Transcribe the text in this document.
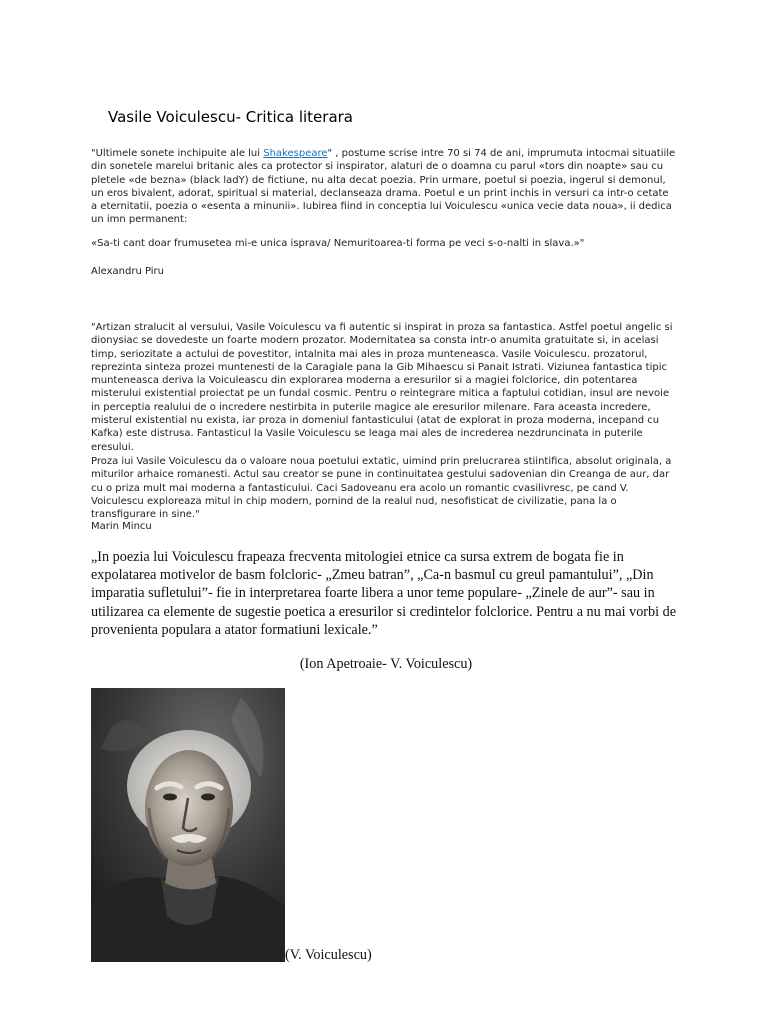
Vasile Voiculescu- Critica literara

"Ultimele sonete inchipuite ale lui Shakespeare" , postume scrise intre 70 si 74 de ani, imprumuta intocmai situatiile din sonetele marelui britanic ales ca protector si inspirator, alaturi de o doamna cu parul «tors din noapte» sau cu pletele «de bezna» (black ladY) de fictiune, nu alta decat poezia. Prin urmare, poetul si poezia, ingerul si demonul, un eros bivalent, adorat, spiritual si material, declanseaza drama. Poetul e un print inchis in versuri ca intr-o cetate a eternitatii, poezia o «esenta a minunii». Iubirea fiind in conceptia lui Voiculescu «unica vecie data noua», ii dedica un imn permanent:

«Sa-ti cant doar frumusetea mi-e unica isprava/ Nemuritoarea-ti forma pe veci s-o-nalti in slava.»"

Alexandru Piru

"Artizan stralucit al versului, Vasile Voiculescu va fi autentic si inspirat in proza sa fantastica. Astfel poetul angelic si dionysiac se dovedeste un foarte modern prozator. Modernitatea sa consta intr-o anumita gratuitate si, in acelasi timp, seriozitate a actului de povestitor, intalnita mai ales in proza munteneasca. Vasile Voiculescu. prozatorul, reprezinta sinteza prozei muntenesti de la Caragiale pana la Gib Mihaescu si Panait Istrati. Viziunea fantastica tipic munteneasca deriva la Voiculeascu din explorarea moderna a eresurilor si a magiei folclorice, din potentarea misterului existential proiectat pe un fundal cosmic. Pentru o reintegrare mitica a faptului cotidian, insul are nevoie in perceptia realului de o incredere nestirbita in puterile magice ale eresurilor milenare. Fara aceasta incredere, misterul existential nu exista, iar proza in domeniul fantasticului (atat de explorat in proza moderna, incepand cu Kafka) este distrusa. Fantasticul la Vasile Voiculescu se leaga mai ales de increderea nezdruncinata in puterile eresului.

Proza iui Vasile Voiculescu da o valoare noua poetului extatic, uimind prin prelucrarea stiintifica, absolut originala, a miturilor arhaice romanesti. Actul sau creator se pune in continuitatea gestului sadovenian din Creanga de aur, dar cu o priza mult mai moderna a fantasticului. Caci Sadoveanu era acolo un romantic cvasilivresc, pe cand V. Voiculescu exploreaza mitul in chip modern, pornind de la realul nud, nesofisticat de civilizatie, pana la o transfigurare in sine."

Marin Mincu

„In poezia lui Voiculescu frapeaza frecventa mitologiei etnice ca sursa extrem de bogata fie in expolatarea motivelor de basm folcloric- „Zmeu batran”, „Ca-n basmul cu greul pamantului”, „Din imparatia sufletului”- fie in interpretarea foarte libera a unor teme populare- „Zinele de aur”- sau in utilizarea ca elemente de sugestie poetica a eresurilor si credintelor folclorice. Pentru a nu mai vorbi de provenienta populara a atator formatiuni lexicale.”

(Ion Apetroaie- V. Voiculescu)

(V. Voiculescu)
